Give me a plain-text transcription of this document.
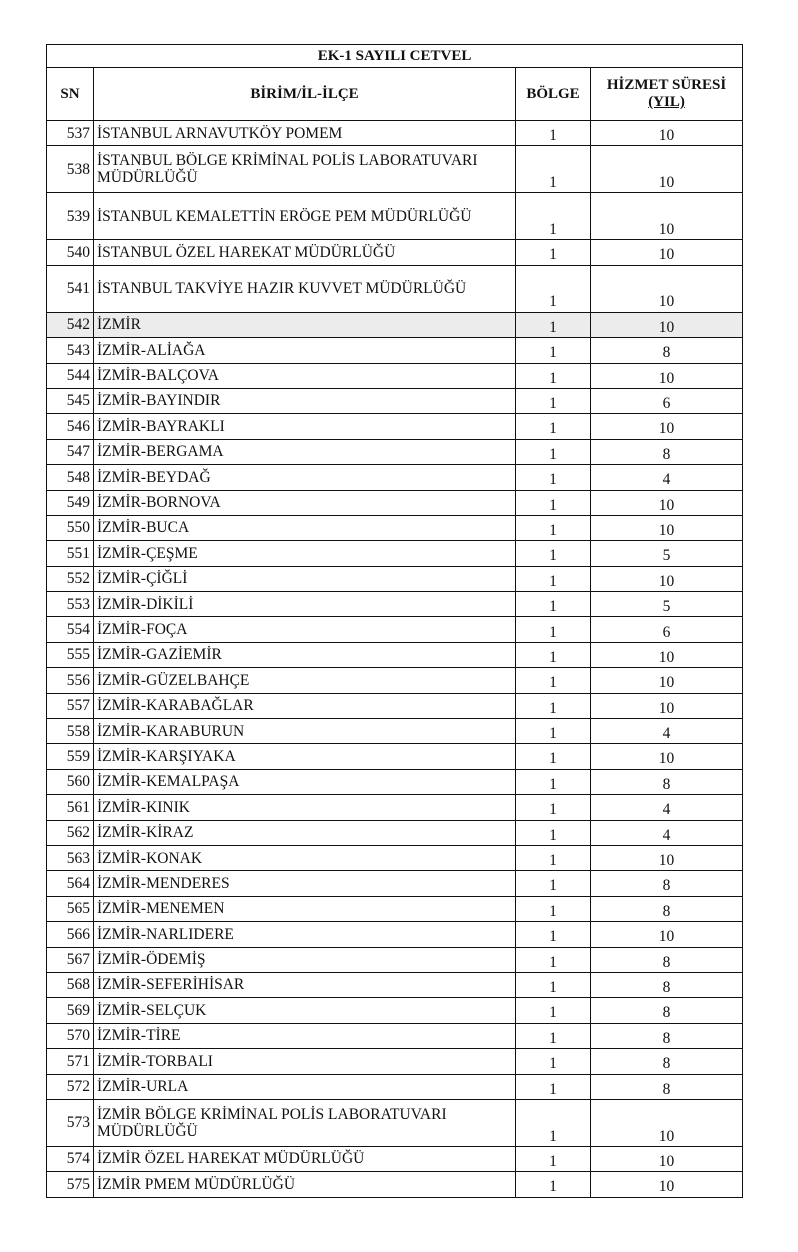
EK-1 SAYILI CETVEL			
SN	BİRİM/İL-İLÇE	BÖLGE	HİZMET SÜRESİ
(YIL)

537	İSTANBUL ARNAVUTKÖY POMEM	1	10
538	İSTANBUL BÖLGE KRİMİNAL POLİS LABORATUVARI MÜDÜRLÜĞÜ	1	10
539	İSTANBUL KEMALETTİN ERÖGE PEM MÜDÜRLÜĞÜ	1	10
540	İSTANBUL ÖZEL HAREKAT MÜDÜRLÜĞÜ	1	10
541	İSTANBUL TAKVİYE HAZIR KUVVET MÜDÜRLÜĞÜ	1	10
542	İZMİR	1	10
543	İZMİR-ALİAĞA	1	8
544	İZMİR-BALÇOVA	1	10
545	İZMİR-BAYINDIR	1	6
546	İZMİR-BAYRAKLI	1	10
547	İZMİR-BERGAMA	1	8
548	İZMİR-BEYDAĞ	1	4
549	İZMİR-BORNOVA	1	10
550	İZMİR-BUCA	1	10
551	İZMİR-ÇEŞME	1	5
552	İZMİR-ÇİĞLİ	1	10
553	İZMİR-DİKİLİ	1	5
554	İZMİR-FOÇA	1	6
555	İZMİR-GAZİEMİR	1	10
556	İZMİR-GÜZELBAHÇE	1	10
557	İZMİR-KARABAĞLAR	1	10
558	İZMİR-KARABURUN	1	4
559	İZMİR-KARŞIYAKA	1	10
560	İZMİR-KEMALPAŞA	1	8
561	İZMİR-KINIK	1	4
562	İZMİR-KİRAZ	1	4
563	İZMİR-KONAK	1	10
564	İZMİR-MENDERES	1	8
565	İZMİR-MENEMEN	1	8
566	İZMİR-NARLIDERE	1	10
567	İZMİR-ÖDEMİŞ	1	8
568	İZMİR-SEFERİHİSAR	1	8
569	İZMİR-SELÇUK	1	8
570	İZMİR-TİRE	1	8
571	İZMİR-TORBALI	1	8
572	İZMİR-URLA	1	8
573	İZMİR BÖLGE KRİMİNAL POLİS LABORATUVARI MÜDÜRLÜĞÜ	1	10
574	İZMİR ÖZEL HAREKAT MÜDÜRLÜĞÜ	1	10
575	İZMİR PMEM MÜDÜRLÜĞÜ	1	10
